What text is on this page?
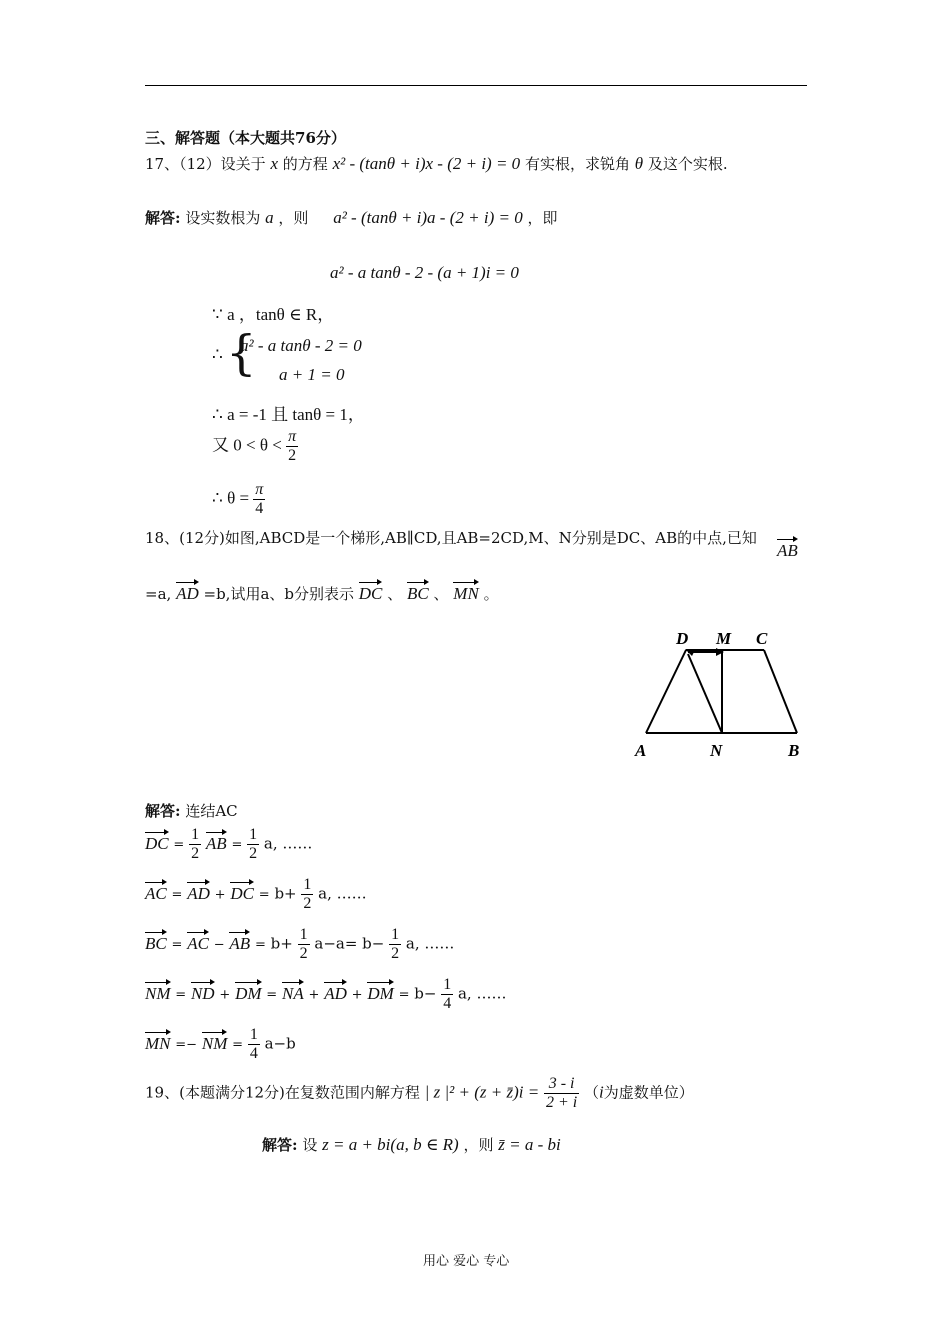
三、解答题（本大题共76分）
17、（12）设关于 x 的方程 x² - (tanθ + i)x - (2 + i) = 0 有实根，求锐角 θ 及这个实根.
解答: 设实数根为 a ，则 a² - (tanθ + i)a - (2 + i) = 0 ，即
a² - a tanθ - 2 - (a + 1)i = 0
∵ a ，tanθ ∈ R，
∴ {
a² - a tanθ - 2 = 0
a + 1 = 0
∴ a = -1 且 tanθ = 1，
又 $0 < \theta < \frac{\pi}{2}$
∴ $\theta = \frac{\pi}{4}$
18、(12分)如图,ABCD是一个梯形,AB∥CD,且AB=2CD,M、N分别是DC、AB的中点,已知
AB
=a, AD =b,试用a、b分别表示 DC 、 BC 、 MN 。
D M C
A	N	B
解答: 连结AC
DC = $\frac{1}{2}$ AB = $\frac{1}{2} a$, ……
AC = AD + DC = $b+ \frac{1}{2} a$, ……
BC = AC − AB = $b+ \frac{1}{2} a-a= b- \frac{1}{2} a$, ……
NM = ND + DM = NA + AD + DM = $b- \frac{1}{4} a$, ……
MN =− NM = $\frac{1}{4} a-b$
19、(本题满分12分)在复数范围内解方程 | z |² + (z + z̄)i = $\frac{3 - i}{2 + i} (i$为虚数单位）
解答: 设 z = a + bi(a, b ∈ R) ，则 z̄ = a - bi
用心 爱心 专心
